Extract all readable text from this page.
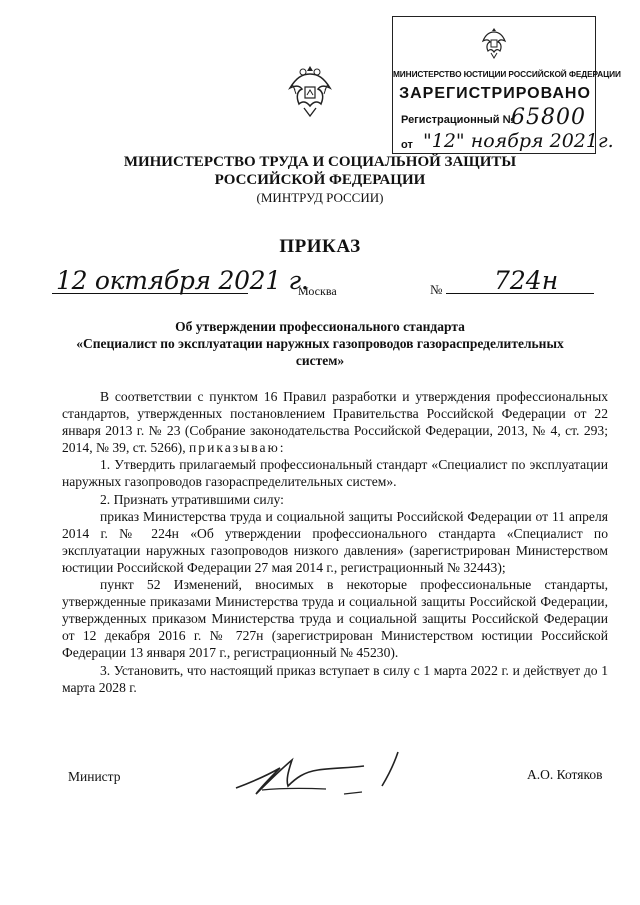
МИНИСТЕРСТВО ЮСТИЦИИ РОССИЙСКОЙ ФЕДЕРАЦИИ
ЗАРЕГИСТРИРОВАНО
Регистрационный №
65800
от "12" ноября 2021г.
МИНИСТЕРСТВО ТРУДА И СОЦИАЛЬНОЙ ЗАЩИТЫ
РОССИЙСКОЙ ФЕДЕРАЦИИ
(МИНТРУД РОССИИ)
ПРИКАЗ
12 октября 2021 г.
Москва	№ 724н
Об утверждении профессионального стандарта
«Специалист по эксплуатации наружных газопроводов газораспределительных
систем»

В соответствии с пунктом 16 Правил разработки и утверждения профессиональных стандартов, утвержденных постановлением Правительства Российской Федерации от 22 января 2013 г. № 23 (Собрание законодательства Российской Федерации, 2013, № 4, ст. 293; 2014, № 39, ст. 5266), приказываю:

1. Утвердить прилагаемый профессиональный стандарт «Специалист по эксплуатации наружных газопроводов газораспределительных систем».

2. Признать утратившими силу:

приказ Министерства труда и социальной защиты Российской Федерации от 11 апреля 2014 г. № 224н «Об утверждении профессионального стандарта «Специалист по эксплуатации наружных газопроводов низкого давления» (зарегистрирован Министерством юстиции Российской Федерации 27 мая 2014 г., регистрационный № 32443);

пункт 52 Изменений, вносимых в некоторые профессиональные стандарты, утвержденные приказами Министерства труда и социальной защиты Российской Федерации, утвержденных приказом Министерства труда и социальной защиты Российской Федерации от 12 декабря 2016 г. № 727н (зарегистрирован Министерством юстиции Российской Федерации 13 января 2017 г., регистрационный № 45230).

3. Установить, что настоящий приказ вступает в силу с 1 марта 2022 г. и действует до 1 марта 2028 г.

Министр	А.О. Котяков
